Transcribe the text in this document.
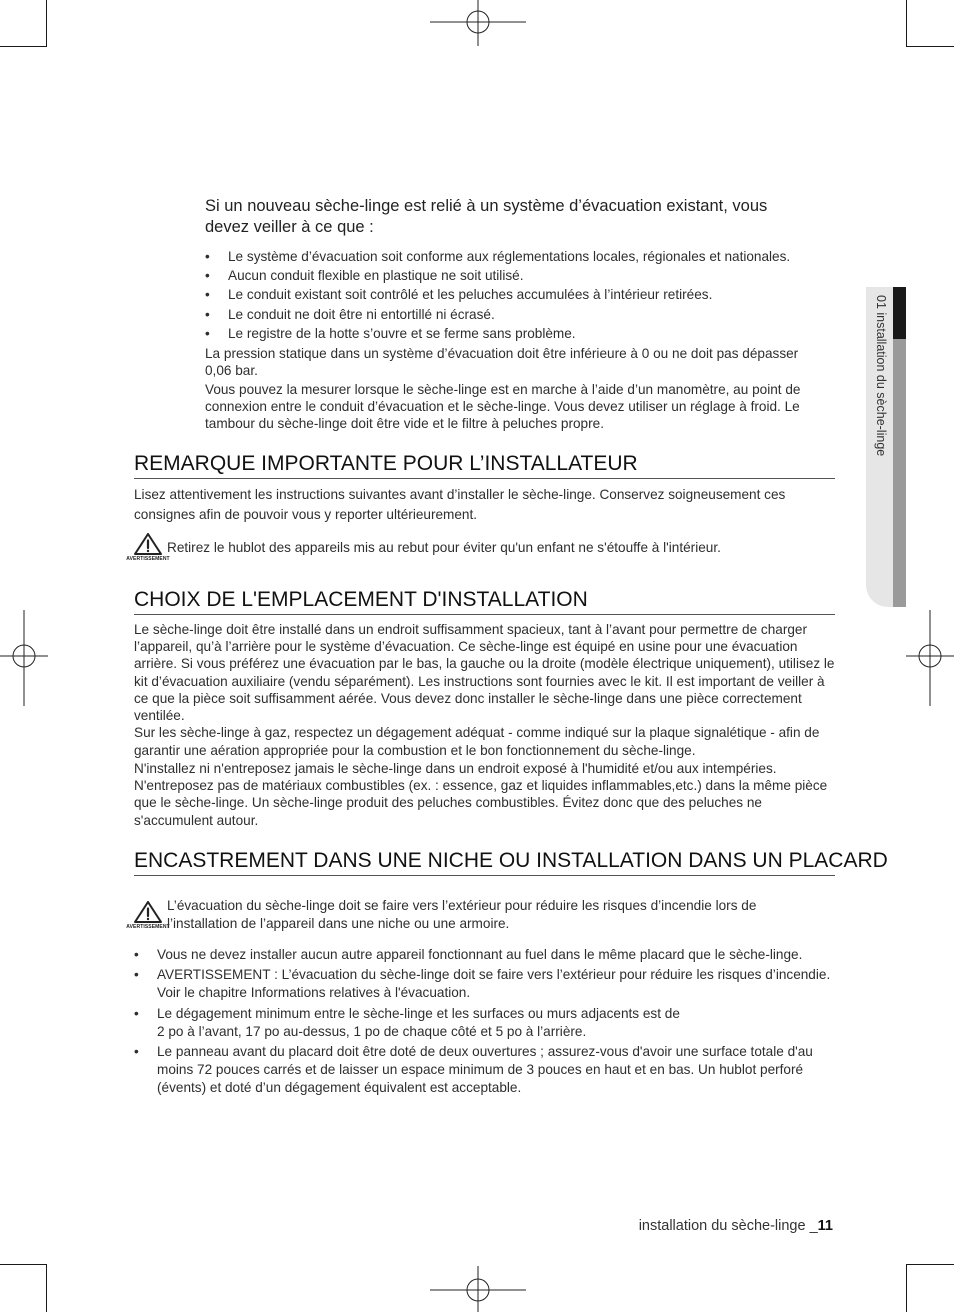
01 installation du sèche-linge
Si un nouveau sèche-linge est relié à un système d’évacuation existant, vous devez veiller à ce que :
• Le système d’évacuation soit conforme aux réglementations locales, régionales et nationales.
• Aucun conduit flexible en plastique ne soit utilisé.
• Le conduit existant soit contrôlé et les peluches accumulées à l’intérieur retirées.
• Le conduit ne doit être ni entortillé ni écrasé.
• Le registre de la hotte s’ouvre et se ferme sans problème.
La pression statique dans un système d’évacuation doit être inférieure à 0 ou ne doit pas dépasser 0,06 bar.
Vous pouvez la mesurer lorsque le sèche-linge est en marche à l’aide d’un manomètre, au point de connexion entre le conduit d’évacuation et le sèche-linge. Vous devez utiliser un réglage à froid. Le tambour du sèche-linge doit être vide et le filtre à peluches propre.
REMARQUE IMPORTANTE POUR L’INSTALLATEUR
Lisez attentivement les instructions suivantes avant d’installer le sèche-linge. Conservez soigneusement ces consignes afin de pouvoir vous y reporter ultérieurement.
AVERTISSEMENT
Retirez le hublot des appareils mis au rebut pour éviter qu'un enfant ne s'étouffe à l'intérieur.
CHOIX DE L'EMPLACEMENT D'INSTALLATION
Le sèche-linge doit être installé dans un endroit suffisamment spacieux, tant à l’avant pour permettre de charger l’appareil, qu’à l’arrière pour le système d’évacuation. Ce sèche-linge est équipé en usine pour une évacuation arrière. Si vous préférez une évacuation par le bas, la gauche ou la droite (modèle électrique uniquement), utilisez le kit d’évacuation auxiliaire (vendu séparément). Les instructions sont fournies avec le kit. Il est important de veiller à ce que la pièce soit suffisamment aérée. Vous devez donc installer le sèche-linge dans une pièce correctement ventilée.
Sur les sèche-linge à gaz, respectez un dégagement adéquat - comme indiqué sur la plaque signalétique - afin de garantir une aération appropriée pour la combustion et le bon fonctionnement du sèche-linge.
N'installez ni n'entreposez jamais le sèche-linge dans un endroit exposé à l'humidité et/ou aux intempéries. N'entreposez pas de matériaux combustibles (ex. : essence, gaz et liquides inflammables,etc.) dans la même pièce que le sèche-linge. Un sèche-linge produit des peluches combustibles. Évitez donc que des peluches ne s'accumulent autour.
ENCASTREMENT DANS UNE NICHE OU INSTALLATION DANS UN PLACARD
AVERTISSEMENT
L’évacuation du sèche-linge doit se faire vers l’extérieur pour réduire les risques d’incendie lors de l’installation de l’appareil dans une niche ou une armoire.
• Vous ne devez installer aucun autre appareil fonctionnant au fuel dans le même placard que le sèche-linge.
• AVERTISSEMENT : L’évacuation du sèche-linge doit se faire vers l’extérieur pour réduire les risques d’incendie.
Voir le chapitre Informations relatives à l'évacuation.
• Le dégagement minimum entre le sèche-linge et les surfaces ou murs adjacents est de
2 po à l’avant, 17 po au-dessus, 1 po de chaque côté et 5 po à l’arrière.
• Le panneau avant du placard doit être doté de deux ouvertures ; assurez-vous d'avoir une surface totale d'au moins 72 pouces carrés et de laisser un espace minimum de 3 pouces en haut et en bas. Un hublot perforé (évents) et doté d’un dégagement équivalent est acceptable.
installation du sèche-linge _11
